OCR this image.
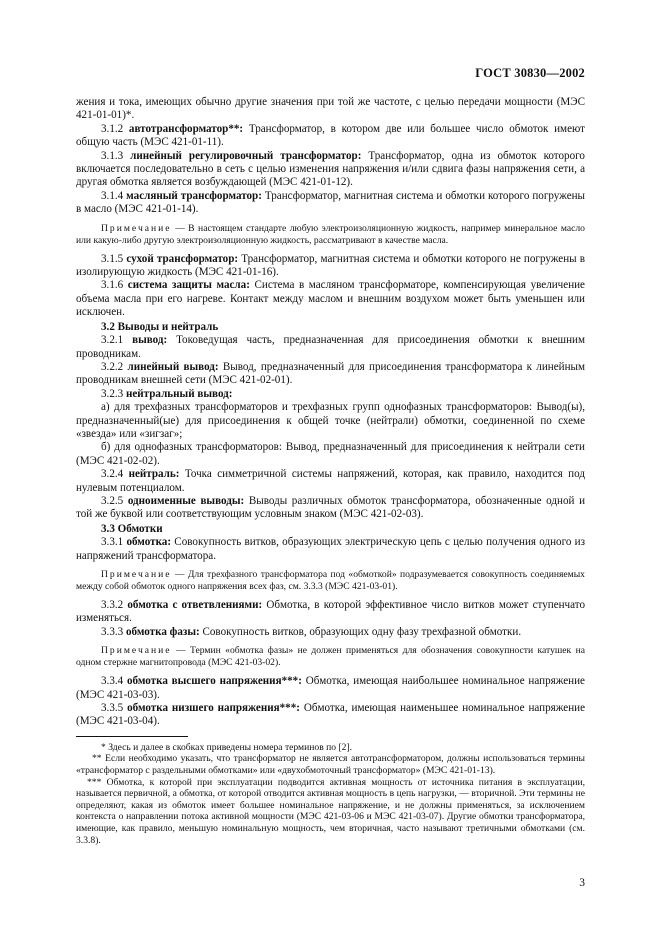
ГОСТ 30830—2002

жения и тока, имеющих обычно другие значения при той же частоте, с целью передачи мощности (МЭС 421-01-01)*.

3.1.2 автотрансформатор**: Трансформатор, в котором две или большее число обмоток имеют общую часть (МЭС 421-01-11).

3.1.3 линейный регулировочный трансформатор: Трансформатор, одна из обмоток которого включается последовательно в сеть с целью изменения напряжения и/или сдвига фазы напряжения сети, а другая обмотка является возбуждающей (МЭС 421-01-12).

3.1.4 масляный трансформатор: Трансформатор, магнитная система и обмотки которого погружены в масло (МЭС 421-01-14).

Примечание — В настоящем стандарте любую электроизоляционную жидкость, например минеральное масло или какую-либо другую электроизоляционную жидкость, рассматривают в качестве масла.

3.1.5 сухой трансформатор: Трансформатор, магнитная система и обмотки которого не погружены в изолирующую жидкость (МЭС 421-01-16).

3.1.6 система защиты масла: Система в масляном трансформаторе, компенсирующая увеличение объема масла при его нагреве. Контакт между маслом и внешним воздухом может быть уменьшен или исключен.

3.2 Выводы и нейтраль

3.2.1 вывод: Токоведущая часть, предназначенная для присоединения обмотки к внешним проводникам.

3.2.2 линейный вывод: Вывод, предназначенный для присоединения трансформатора к линейным проводникам внешней сети (МЭС 421-02-01).

3.2.3 нейтральный вывод:

а) для трехфазных трансформаторов и трехфазных групп однофазных трансформаторов: Вывод(ы), предназначенный(ые) для присоединения к общей точке (нейтрали) обмотки, соединенной по схеме «звезда» или «зигзаг»;

б) для однофазных трансформаторов: Вывод, предназначенный для присоединения к нейтрали сети (МЭС 421-02-02).

3.2.4 нейтраль: Точка симметричной системы напряжений, которая, как правило, находится под нулевым потенциалом.

3.2.5 одноименные выводы: Выводы различных обмоток трансформатора, обозначенные одной и той же буквой или соответствующим условным знаком (МЭС 421-02-03).

3.3 Обмотки

3.3.1 обмотка: Совокупность витков, образующих электрическую цепь с целью получения одного из напряжений трансформатора.

Примечание — Для трехфазного трансформатора под «обмоткой» подразумевается совокупность соединяемых между собой обмоток одного напряжения всех фаз, см. 3.3.3 (МЭС 421-03-01).

3.3.2 обмотка с ответвлениями: Обмотка, в которой эффективное число витков может ступенчато изменяться.

3.3.3 обмотка фазы: Совокупность витков, образующих одну фазу трехфазной обмотки.

Примечание — Термин «обмотка фазы» не должен применяться для обозначения совокупности катушек на одном стержне магнитопровода (МЭС 421-03-02).

3.3.4 обмотка высшего напряжения***: Обмотка, имеющая наибольшее номинальное напряжение (МЭС 421-03-03).

3.3.5 обмотка низшего напряжения***: Обмотка, имеющая наименьшее номинальное напряжение (МЭС 421-03-04).

* Здесь и далее в скобках приведены номера терминов по [2].

** Если необходимо указать, что трансформатор не является автотрансформатором, должны использоваться термины «трансформатор с раздельными обмотками» или «двухобмоточный трансформатор» (МЭС 421-01-13).

*** Обмотка, к которой при эксплуатации подводится активная мощность от источника питания в эксплуатации, называется первичной, а обмотка, от которой отводится активная мощность в цепь нагрузки, — вторичной. Эти термины не определяют, какая из обмоток имеет большее номинальное напряжение, и не должны применяться, за исключением контекста о направлении потока активной мощности (МЭС 421-03-06 и МЭС 421-03-07). Другие обмотки трансформатора, имеющие, как правило, меньшую номинальную мощность, чем вторичная, часто называют третичными обмотками (см. 3.3.8).

3
